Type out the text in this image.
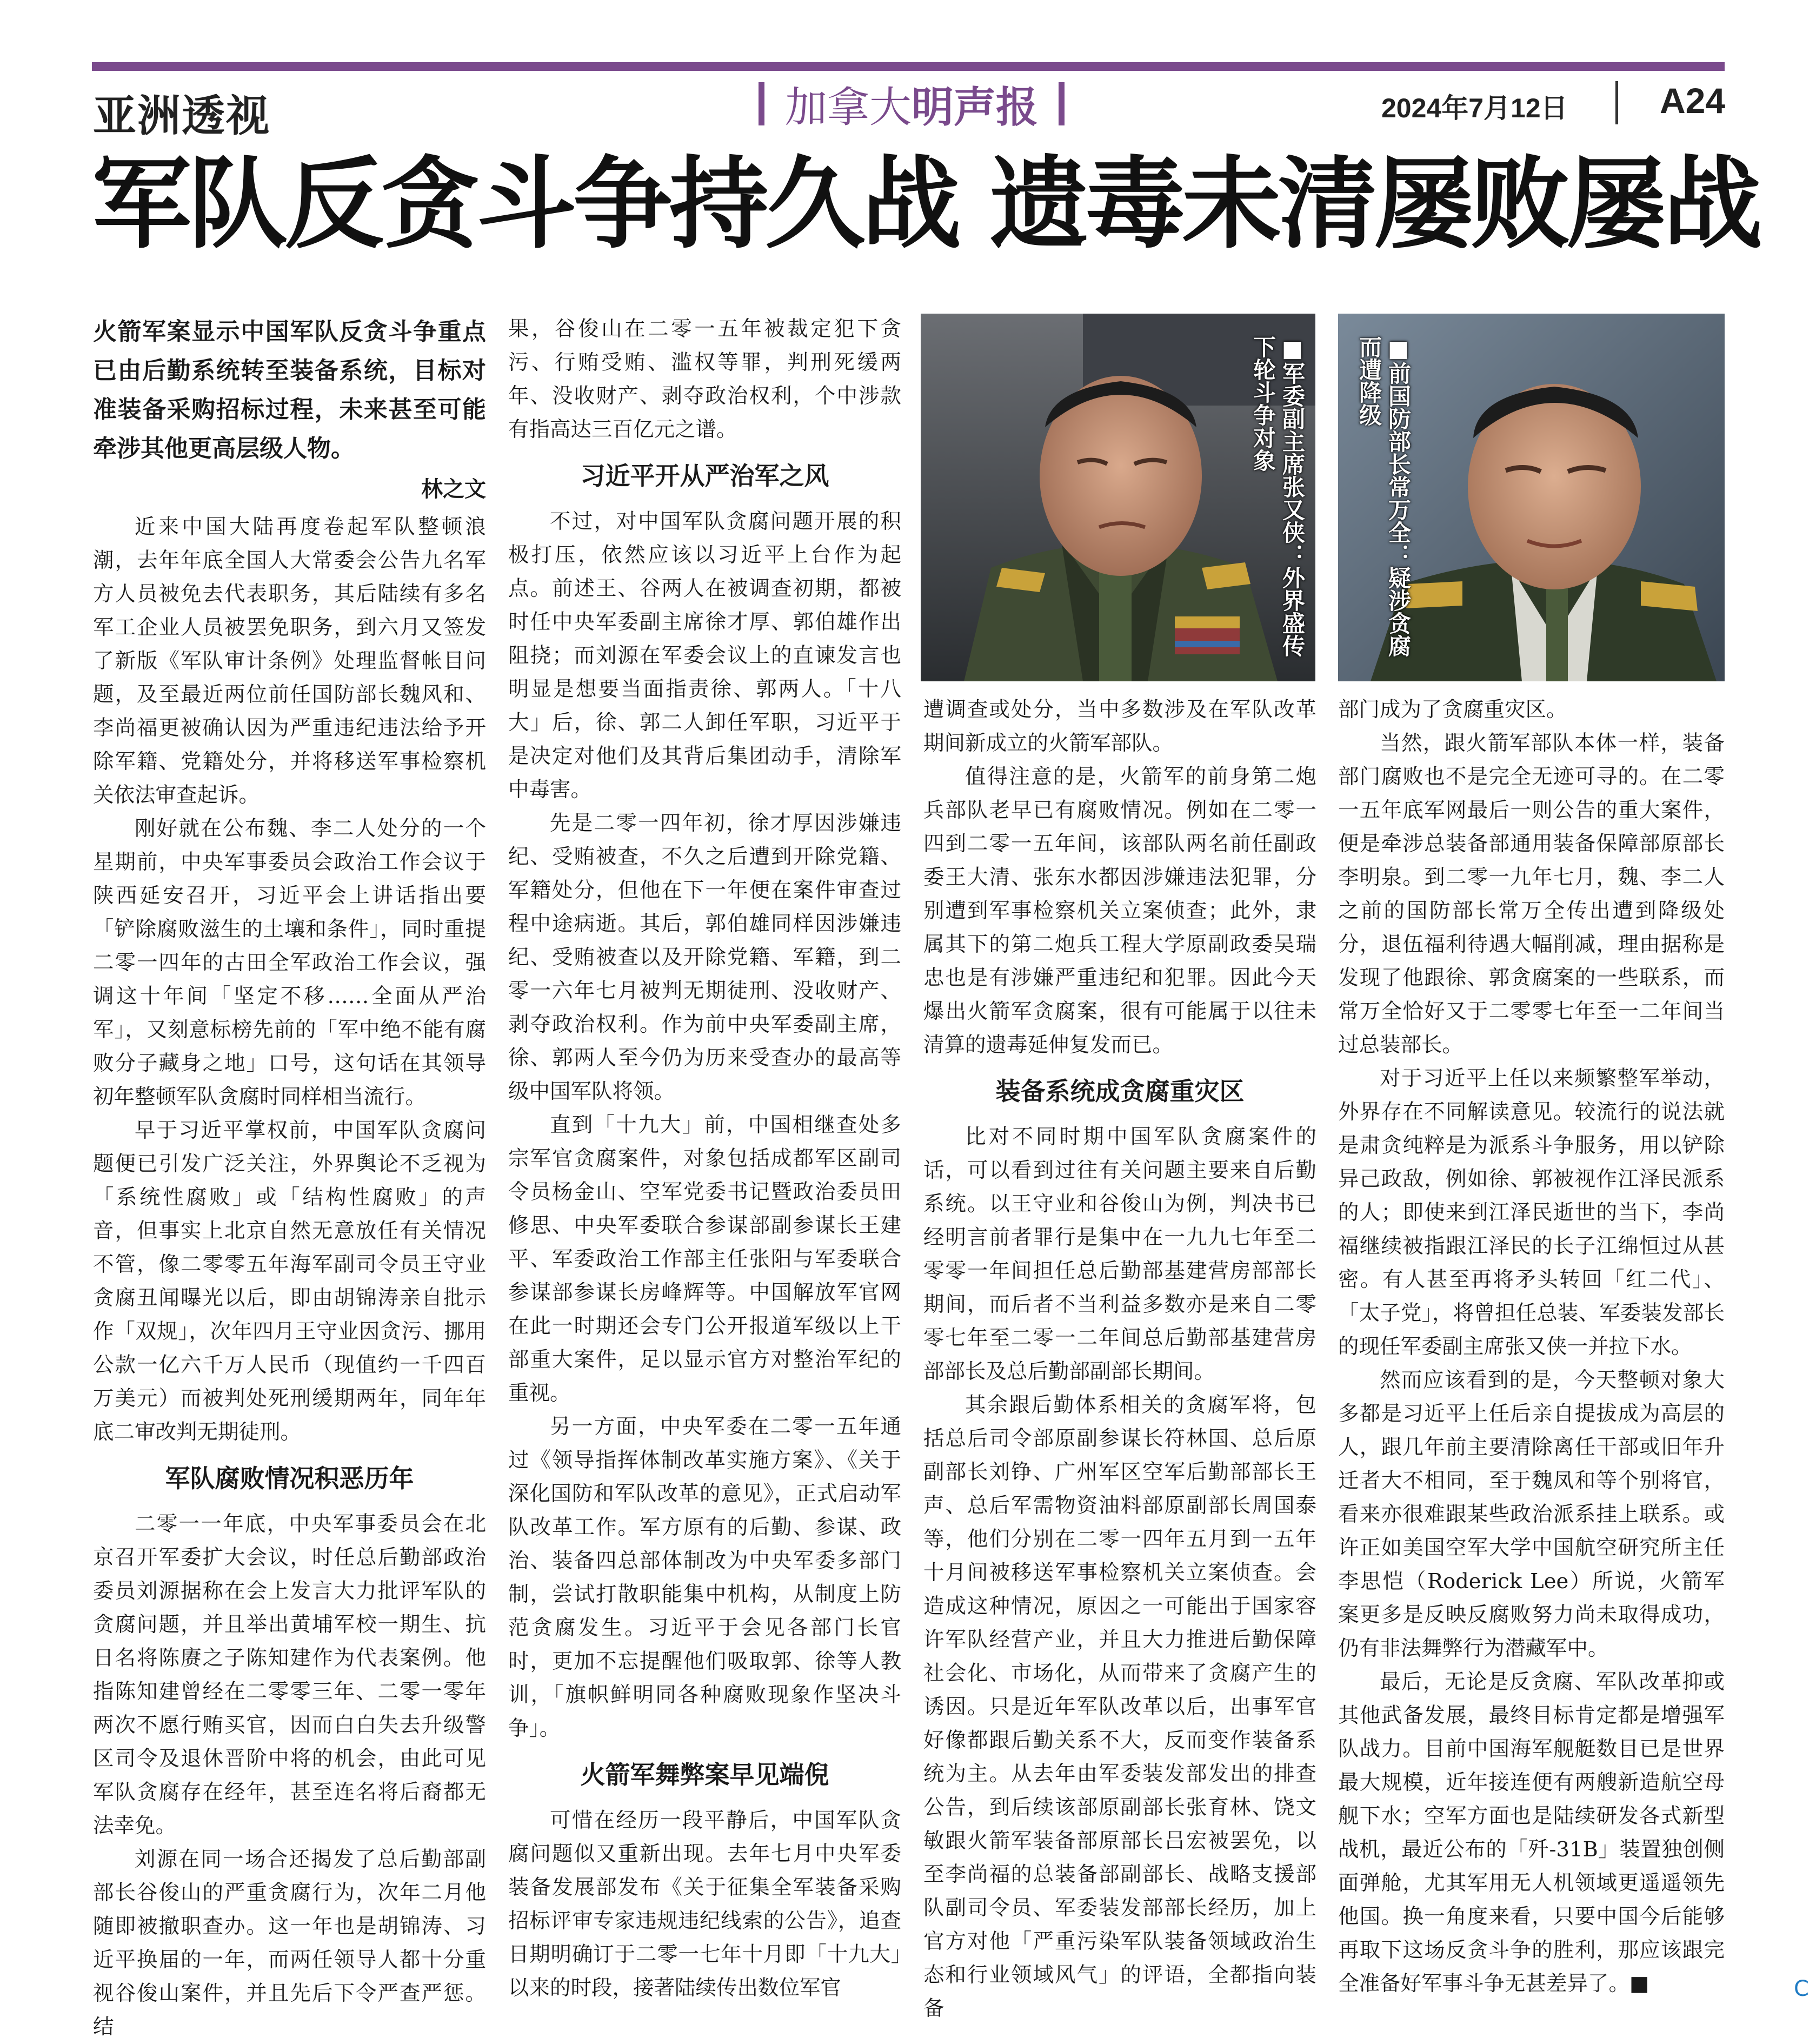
亚洲透视	加拿大 明声报	2024年7月12日	A24
军队反贪斗争持久战 遗毒未清屡败屡战
■军委副主席张又侠：外界盛传下轮斗争对象	■前国防部长常万全：疑涉贪腐而遭降级

火箭军案显示中国军队反贪斗争重点已由后勤系统转至装备系统，目标对准装备采购招标过程，未来甚至可能牵涉其他更高层级人物。

林之文

近来中国大陆再度卷起军队整顿浪潮，去年年底全国人大常委会公告九名军方人员被免去代表职务，其后陆续有多名军工企业人员被罢免职务，到六月又签发了新版《军队审计条例》处理监督帐目问题，及至最近两位前任国防部长魏风和、李尚福更被确认因为严重违纪违法给予开除军籍、党籍处分，并将移送军事检察机关依法审查起诉。

刚好就在公布魏、李二人处分的一个星期前，中央军事委员会政治工作会议于陕西延安召开，习近平会上讲话指出要「铲除腐败滋生的土壤和条件」，同时重提二零一四年的古田全军政治工作会议，强调这十年间「坚定不移……全面从严治军」，又刻意标榜先前的「军中绝不能有腐败分子藏身之地」口号，这句话在其领导初年整顿军队贪腐时同样相当流行。

早于习近平掌权前，中国军队贪腐问题便已引发广泛关注，外界舆论不乏视为「系统性腐败」或「结构性腐败」的声音，但事实上北京自然无意放任有关情况不管，像二零零五年海军副司令员王守业贪腐丑闻曝光以后，即由胡锦涛亲自批示作「双规」，次年四月王守业因贪污、挪用公款一亿六千万人民币（现值约一千四百万美元）而被判处死刑缓期两年，同年年底二审改判无期徒刑。

军队腐败情况积恶历年

二零一一年底，中央军事委员会在北京召开军委扩大会议，时任总后勤部政治委员刘源据称在会上发言大力批评军队的贪腐问题，并且举出黄埔军校一期生、抗日名将陈赓之子陈知建作为代表案例。他指陈知建曾经在二零零三年、二零一零年两次不愿行贿买官，因而白白失去升级警区司令及退休晋阶中将的机会，由此可见军队贪腐存在经年，甚至连名将后裔都无法幸免。

刘源在同一场合还揭发了总后勤部副部长谷俊山的严重贪腐行为，次年二月他随即被撤职查办。这一年也是胡锦涛、习近平换届的一年，而两任领导人都十分重视谷俊山案件，并且先后下令严查严惩。结

果，谷俊山在二零一五年被裁定犯下贪污、行贿受贿、滥权等罪，判刑死缓两年、没收财产、剥夺政治权利，个中涉款有指高达三百亿元之谱。

习近平开从严治军之风

不过，对中国军队贪腐问题开展的积极打压，依然应该以习近平上台作为起点。前述王、谷两人在被调查初期，都被时任中央军委副主席徐才厚、郭伯雄作出阻挠；而刘源在军委会议上的直谏发言也明显是想要当面指责徐、郭两人。「十八大」后，徐、郭二人卸任军职，习近平于是决定对他们及其背后集团动手，清除军中毒害。

先是二零一四年初，徐才厚因涉嫌违纪、受贿被查，不久之后遭到开除党籍、军籍处分，但他在下一年便在案件审查过程中途病逝。其后，郭伯雄同样因涉嫌违纪、受贿被查以及开除党籍、军籍，到二零一六年七月被判无期徒刑、没收财产、剥夺政治权利。作为前中央军委副主席，徐、郭两人至今仍为历来受查办的最高等级中国军队将领。

直到「十九大」前，中国相继查处多宗军官贪腐案件，对象包括成都军区副司令员杨金山、空军党委书记暨政治委员田修思、中央军委联合参谋部副参谋长王建平、军委政治工作部主任张阳与军委联合参谋部参谋长房峰辉等。中国解放军官网在此一时期还会专门公开报道军级以上干部重大案件，足以显示官方对整治军纪的重视。

另一方面，中央军委在二零一五年通过《领导指挥体制改革实施方案》、《关于深化国防和军队改革的意见》，正式启动军队改革工作。军方原有的后勤、参谋、政治、装备四总部体制改为中央军委多部门制，尝试打散职能集中机构，从制度上防范贪腐发生。习近平于会见各部门长官时，更加不忘提醒他们吸取郭、徐等人教训，「旗帜鲜明同各种腐败现象作坚决斗争」。

火箭军舞弊案早见端倪

可惜在经历一段平静后，中国军队贪腐问题似又重新出现。去年七月中央军委装备发展部发布《关于征集全军装备采购招标评审专家违规违纪线索的公告》，追查日期明确订于二零一七年十月即「十九大」以来的时段，接著陆续传出数位军官

遭调查或处分，当中多数涉及在军队改革期间新成立的火箭军部队。

值得注意的是，火箭军的前身第二炮兵部队老早已有腐败情况。例如在二零一四到二零一五年间，该部队两名前任副政委王大清、张东水都因涉嫌违法犯罪，分别遭到军事检察机关立案侦查；此外，隶属其下的第二炮兵工程大学原副政委吴瑞忠也是有涉嫌严重违纪和犯罪。因此今天爆出火箭军贪腐案，很有可能属于以往未清算的遗毒延伸复发而已。

装备系统成贪腐重灾区

比对不同时期中国军队贪腐案件的话，可以看到过往有关问题主要来自后勤系统。以王守业和谷俊山为例，判决书已经明言前者罪行是集中在一九九七年至二零零一年间担任总后勤部基建营房部部长期间，而后者不当利益多数亦是来自二零零七年至二零一二年间总后勤部基建营房部部长及总后勤部副部长期间。

其余跟后勤体系相关的贪腐军将，包括总后司令部原副参谋长符林国、总后原副部长刘铮、广州军区空军后勤部部长王声、总后军需物资油料部原副部长周国泰等，他们分别在二零一四年五月到一五年十月间被移送军事检察机关立案侦查。会造成这种情况，原因之一可能出于国家容许军队经营产业，并且大力推进后勤保障社会化、市场化，从而带来了贪腐产生的诱因。只是近年军队改革以后，出事军官好像都跟后勤关系不大，反而变作装备系统为主。从去年由军委装发部发出的排查公告，到后续该部原副部长张育林、饶文敏跟火箭军装备部原部长吕宏被罢免，以至李尚福的总装备部副部长、战略支援部队副司令员、军委装发部部长经历，加上官方对他「严重污染军队装备领域政治生态和行业领域风气」的评语，全都指向装备

部门成为了贪腐重灾区。

当然，跟火箭军部队本体一样，装备部门腐败也不是完全无迹可寻的。在二零一五年底军网最后一则公告的重大案件，便是牵涉总装备部通用装备保障部原部长李明泉。到二零一九年七月，魏、李二人之前的国防部长常万全传出遭到降级处分，退伍福利待遇大幅削减，理由据称是发现了他跟徐、郭贪腐案的一些联系，而常万全恰好又于二零零七年至一二年间当过总装部长。

对于习近平上任以来频繁整军举动，外界存在不同解读意见。较流行的说法就是肃贪纯粹是为派系斗争服务，用以铲除异己政敌，例如徐、郭被视作江泽民派系的人；即使来到江泽民逝世的当下，李尚福继续被指跟江泽民的长子江绵恒过从甚密。有人甚至再将矛头转回「红二代」、「太子党」，将曾担任总装、军委装发部长的现任军委副主席张又侠一并拉下水。

然而应该看到的是，今天整顿对象大多都是习近平上任后亲自提拔成为高层的人，跟几年前主要清除离任干部或旧年升迁者大不相同，至于魏凤和等个别将官，看来亦很难跟某些政治派系挂上联系。或许正如美国空军大学中国航空研究所主任李思恺（Roderick Lee）所说，火箭军案更多是反映反腐败努力尚未取得成功，仍有非法舞弊行为潜藏军中。

最后，无论是反贪腐、军队改革抑或其他武备发展，最终目标肯定都是增强军队战力。目前中国海军舰艇数目已是世界最大规模，近年接连便有两艘新造航空母舰下水；空军方面也是陆续研发各式新型战机，最近公布的「歼-31B」装置独创侧面弹舱，尤其军用无人机领域更遥遥领先他国。换一角度来看，只要中国今后能够再取下这场反贪斗争的胜利，那应该跟完全准备好军事斗争无甚差异了。■	C
